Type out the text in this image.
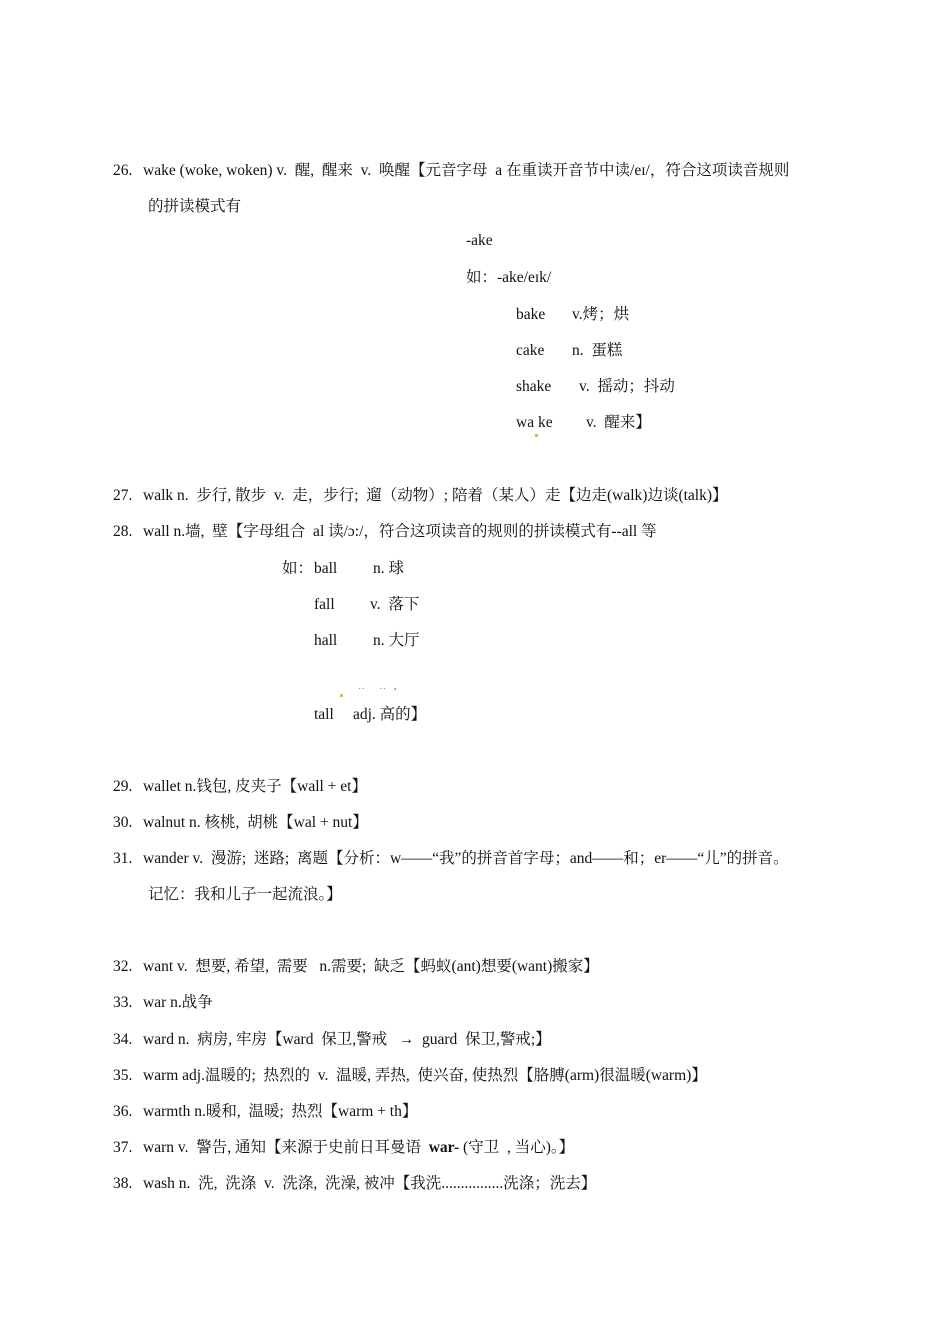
26. wake (woke, woken) v.  醒,  醒来  v.  唤醒【元音字母  a 在重读开音节中读/eɪ/，符合这项读音规则
的拼读模式有
-ake
如：-ake/eɪk/
bake v.烤；烘
cake n.  蛋糕
shake v.  摇动；抖动
wa ke v.  醒来】
27. walk n.  步行, 散步  v.  走，步行;  遛（动物）; 陪着（某人）走【边走(walk)边谈(talk)】
28. wall n.墙,  壁【字母组合  al 读/ɔ:/，符合这项读音的规则的拼读模式有--all 等
如： ball n. 球
fall v.  落下
hall n. 大厅
``     ``   '
tall adj. 高的】
29. wallet n.钱包, 皮夹子【wall + et】
30. walnut n. 核桃,  胡桃【wal + nut】
31. wander v.  漫游;  迷路;  离题【分析：w——“我”的拼音首字母；and——和；er——“儿”的拼音。
记忆：我和儿子一起流浪。】
32. want v.  想要, 希望,  需要   n.需要;  缺乏【蚂蚁(ant)想要(want)搬家】
33. war n.战争
34. ward n.  病房, 牢房【ward  保卫,警戒   →  guard  保卫,警戒;】
35. warm adj.温暖的;  热烈的  v.  温暖, 弄热,  使兴奋, 使热烈【胳膊(arm)很温暖(warm)】
36. warmth n.暖和,  温暖;  热烈【warm + th】
37. warn v.  警告, 通知【来源于史前日耳曼语  war- (守卫  , 当心)。】
38. wash n.  洗,  洗涤  v.  洗涤,  洗澡, 被冲【我洗................洗涤；洗去】
